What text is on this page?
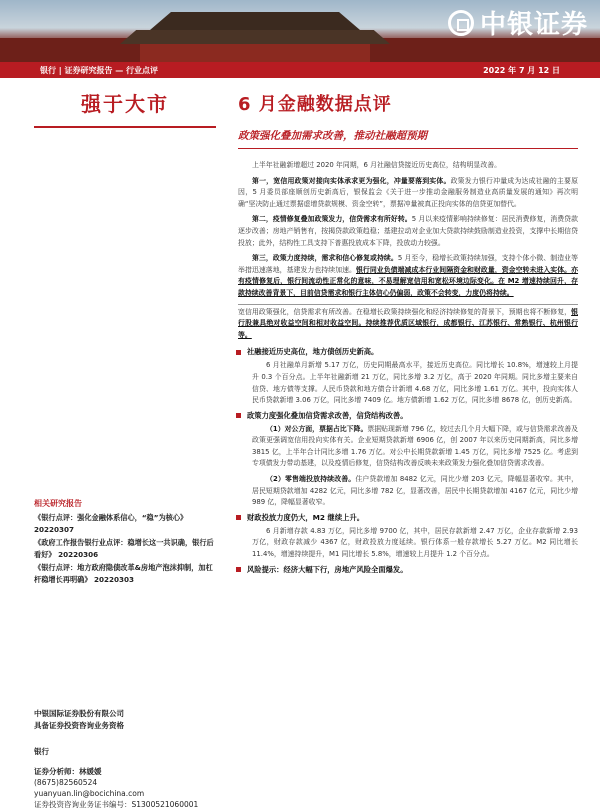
中银证券
银行 | 证券研究报告 — 行业点评	2022 年 7 月 12 日
强于大市
相关研究报告

《银行点评：强化金融体系信心，“稳”为核心》 20220307

《政府工作报告银行业点评：稳增长这一共识确，银行后看好》 20220306

《银行点评：地方政府隐债改革&房地产泡沫抑制，加杠杆稳增长再明确》 20220303

中银国际证券股份有限公司
具备证券投资咨询业务资格
银行
证券分析师：林媛媛
(8675)82560524
yuanyuan.lin@bocichina.com
证券投资咨询业务证书编号：S1300521060001
6 月金融数据点评
政策强化叠加需求改善，推动社融超预期

上半年社融新增超过 2020 年同期，6 月社融信贷接近历史高位，结构明显改善。

第一，宽信用政策对接向实体承求更为强化，冲量要落到实体。政策发力银行冲量成为达成社融的主要原因，5 月委员部座顺创历史新高后，银保监会《关于进一步推动金融服务制造业高质量发展的通知》再次明确“坚决防止通过票据虚增贷款规模、资金空转”，票据冲量被真正投向实体的信贷更加替代。

第二，疫情修复叠加政策发力，信贷需求有所好转。5 月以来疫情影响持续修复：居民消费修复，消费贷款逐步改善；房地产销售有，按揭贷款政策趋稳；基建拉动对企业加大贷款持续鼓励制造业投资，支撑中长期信贷投放；此外，结构性工具支持下普惠投放成本下降，投放动力较强。

第三，政策力度持续，需求和信心修复或持续。5 月至今，稳增长政策持续加强，支持个体小微、制造业等举措迅速落地，基建发力也持续加速。银行同业负债端减成本行业间隔资金和财政量，资金空转未进入实体。亦有疫情修复后，银行间流动性正常化的意味，不易理解宽信用和宽松环境边际变化。在 M2 增速持续回升，存款持续改善背景下，目前信贷需求和银行主体信心仍偏弱，政策不会转变，力度仍将持续。

宽信用政策强化，信贷需求有所改善。在稳增长政策持续强化和经济持续修复的背景下，预期也将不断修复，银行股兼具绝对收益空间和相对收益空间。持续推荐优质区域银行，成都银行、江苏银行、常熟银行、杭州银行等。

社融接近历史高位，地方债创历史新高。

6 月社融单月新增 5.17 万亿，历史同期最高水平，接近历史高位。同比增长 10.8%，增速较上月提升 0.3 个百分点。上半年社融新增 21 万亿，同比多增 3.2 万亿，高于 2020 年同期。同比多增主要来自信贷、地方债等支撑。人民币贷款和地方债合计新增 4.68 万亿，同比多增 1.61 万亿。其中，投向实体人民币贷款新增 3.06 万亿，同比多增 7409 亿。地方债新增 1.62 万亿，同比多增 8678 亿，创历史新高。

政策力度强化叠加信贷需求改善，信贷结构改善。

（1）对公方面，票据占比下降。票据贴现新增 796 亿，较过去几个月大幅下降，或与信贷需求改善及政策更强调宽信用投向实体有关。企业短期贷款新增 6906 亿，创 2007 年以来历史同期新高，同比多增 3815 亿，上半年合计同比多增 1.76 万亿。对公中长期贷款新增 1.45 万亿，同比多增 7525 亿。考虑到专项债发力带动基建，以及疫情后修复，信贷结构改善反映未来政策发力强化叠加信贷需求改善。

（2）零售端投放持续改善。住户贷款增加 8482 亿元，同比少增 203 亿元，降幅显著收窄。其中，居民短期贷款增加 4282 亿元，同比多增 782 亿，显著改善，居民中长期贷款增加 4167 亿元，同比少增 989 亿，降幅显著收窄。

财政投放力度仍大，M2 继续上升。

6 月新增存款 4.83 万亿，同比多增 9700 亿，其中，居民存款新增 2.47 万亿，企业存款新增 2.93 万亿，财政存款减少 4367 亿，财政投放力度延续。银行体系一般存款增长 5.27 万亿。M2 同比增长 11.4%，增速持续提升，M1 同比增长 5.8%，增速较上月提升 1.2 个百分点。

风险提示：经济大幅下行，房地产风险全面爆发。
